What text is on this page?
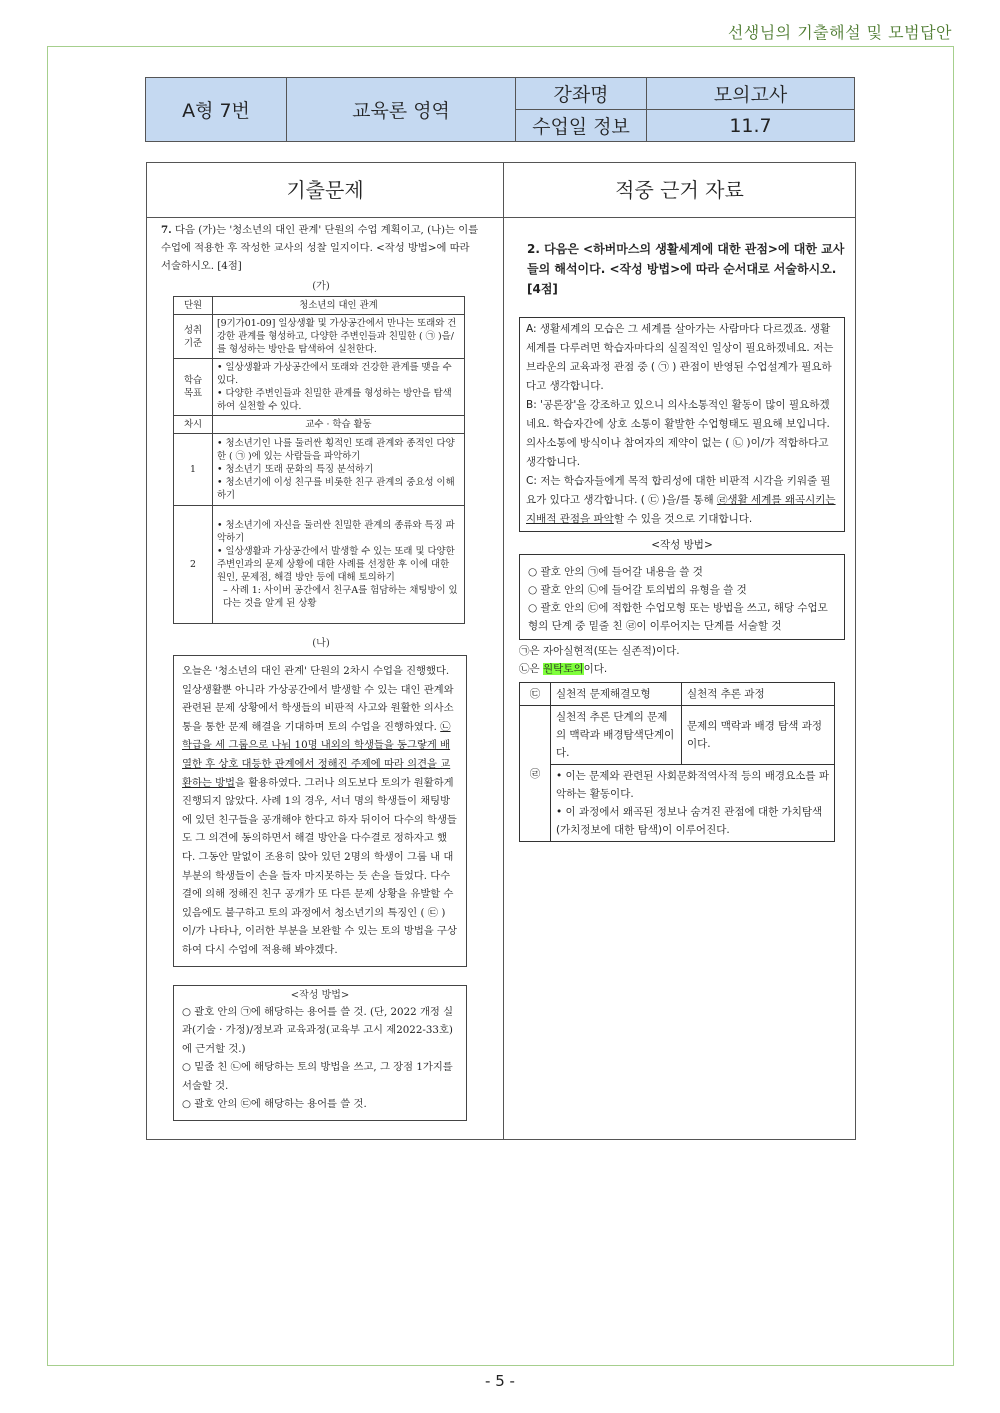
선생님의 기출해설 및 모범답안
A형 7번	교육론 영역	강좌명	모의고사
		수업일 정보	11.7
기출문제	적중 근거 자료
7. 다음 (가)는 '청소년의 대인 관계' 단원의 수업 계획이고, (나)는 이를 수업에 적용한 후 작성한 교사의 성찰 일지이다. <작성 방법>에 따라 서술하시오. [4점]
(가)
단원	청소년의 대인 관계
성취 기준	[9기가01-09] 일상생활 및 가상공간에서 만나는 또래와 건강한 관계를 형성하고, 다양한 주변인들과 친밀한 ( ㉠ )을/를 형성하는 방안을 탐색하여 실천한다.
학습 목표	• 일상생활과 가상공간에서 또래와 건강한 관계를 맺을 수 있다.
• 다양한 주변인들과 친밀한 관계를 형성하는 방안을 탐색하여 실천할 수 있다.

차시	교수 · 학습 활동
1	• 청소년기인 나를 둘러싼 횡적인 또래 관계와 종적인 다양한 ( ㉠ )에 있는 사람들을 파악하기
• 청소년기 또래 문화의 특징 분석하기
• 청소년기에 이성 친구를 비롯한 친구 관계의 중요성 이해하기

2	• 청소년기에 자신을 둘러싼 친밀한 관계의 종류와 특징 파악하기
• 일상생활과 가상공간에서 발생할 수 있는 또래 및 다양한 주변인과의 문제 상황에 대한 사례를 선정한 후 이에 대한 원인, 문제점, 해결 방안 등에 대해 토의하기
– 사례 1: 사이버 공간에서 친구A를 험담하는 채팅방이 있다는 것을 알게 된 상황
(나)
오늘은 '청소년의 대인 관계' 단원의 2차시 수업을 진행했다. 일상생활뿐 아니라 가상공간에서 발생할 수 있는 대인 관계와 관련된 문제 상황에서 학생들의 비판적 사고와 원활한 의사소통을 통한 문제 해결을 기대하며 토의 수업을 진행하였다. ㉡ 학급을 세 그룹으로 나눠 10명 내외의 학생들을 동그랗게 배열한 후 상호 대등한 관계에서 정해진 주제에 따라 의견을 교환하는 방법을 활용하였다. 그러나 의도보다 토의가 원활하게 진행되지 않았다. 사례 1의 경우, 서너 명의 학생들이 채팅방에 있던 친구들을 공개해야 한다고 하자 뒤이어 다수의 학생들도 그 의견에 동의하면서 해결 방안을 다수결로 정하자고 했다. 그동안 말없이 조용히 앉아 있던 2명의 학생이 그룹 내 대부분의 학생들이 손을 들자 마지못하는 듯 손을 들었다. 다수결에 의해 정해진 친구 공개가 또 다른 문제 상황을 유발할 수 있음에도 불구하고 토의 과정에서 청소년기의 특징인 ( ㉢ )이/가 나타나, 이러한 부분을 보완할 수 있는 토의 방법을 구상하여 다시 수업에 적용해 봐야겠다.
<작성 방법>
○ 괄호 안의 ㉠에 해당하는 용어를 쓸 것. (단, 2022 개정 실과(기술 · 가정)/정보과 교육과정(교육부 고시 제2022-33호)에 근거할 것.)
○ 밑줄 친 ㉡에 해당하는 토의 방법을 쓰고, 그 장점 1가지를 서술할 것.
○ 괄호 안의 ㉢에 해당하는 용어를 쓸 것.
2. 다음은 <하버마스의 생활세계에 대한 관점>에 대한 교사들의 해석이다. <작성 방법>에 따라 순서대로 서술하시오. [4점]
A: 생활세계의 모습은 그 세계를 살아가는 사람마다 다르겠죠. 생활세계를 다루려면 학습자마다의 실질적인 일상이 필요하겠네요. 저는 브라운의 교육과정 관점 중 ( ㉠ ) 관점이 반영된 수업설계가 필요하다고 생각합니다.
B: '공론장'을 강조하고 있으니 의사소통적인 활동이 많이 필요하겠네요. 학습자간에 상호 소통이 활발한 수업형태도 필요해 보입니다. 의사소통에 방식이나 참여자의 제약이 없는 ( ㉡ )이/가 적합하다고 생각합니다.
C: 저는 학습자들에게 목적 합리성에 대한 비판적 시각을 키워줄 필요가 있다고 생각합니다. ( ㉢ )을/를 통해 ㉣생활 세계를 왜곡시키는 지배적 관점을 파악할 수 있을 것으로 기대합니다.
<작성 방법>
○ 괄호 안의 ㉠에 들어갈 내용을 쓸 것
○ 괄호 안의 ㉡에 들어갈 토의법의 유형을 쓸 것
○ 괄호 안의 ㉢에 적합한 수업모형 또는 방법을 쓰고, 해당 수업모형의 단계 중 밑줄 친 ㉣이 이루어지는 단계를 서술할 것
㉠은 자아실현적(또는 실존적)이다.
㉡은 원탁토의이다.
㉢	실천적 문제해결모형	실천적 추론 과정
㉣	실천적 추론 단계의 문제의 맥락과 배경탐색단계이다.	문제의 맥락과 배경 탐색 과정이다.

	• 이는 문제와 관련된 사회문화적역사적 등의 배경요소를 파악하는 활동이다.
• 이 과정에서 왜곡된 정보나 숨겨진 관점에 대한 가치탐색(가치정보에 대한 탐색)이 이루어진다.	
- 5 -
